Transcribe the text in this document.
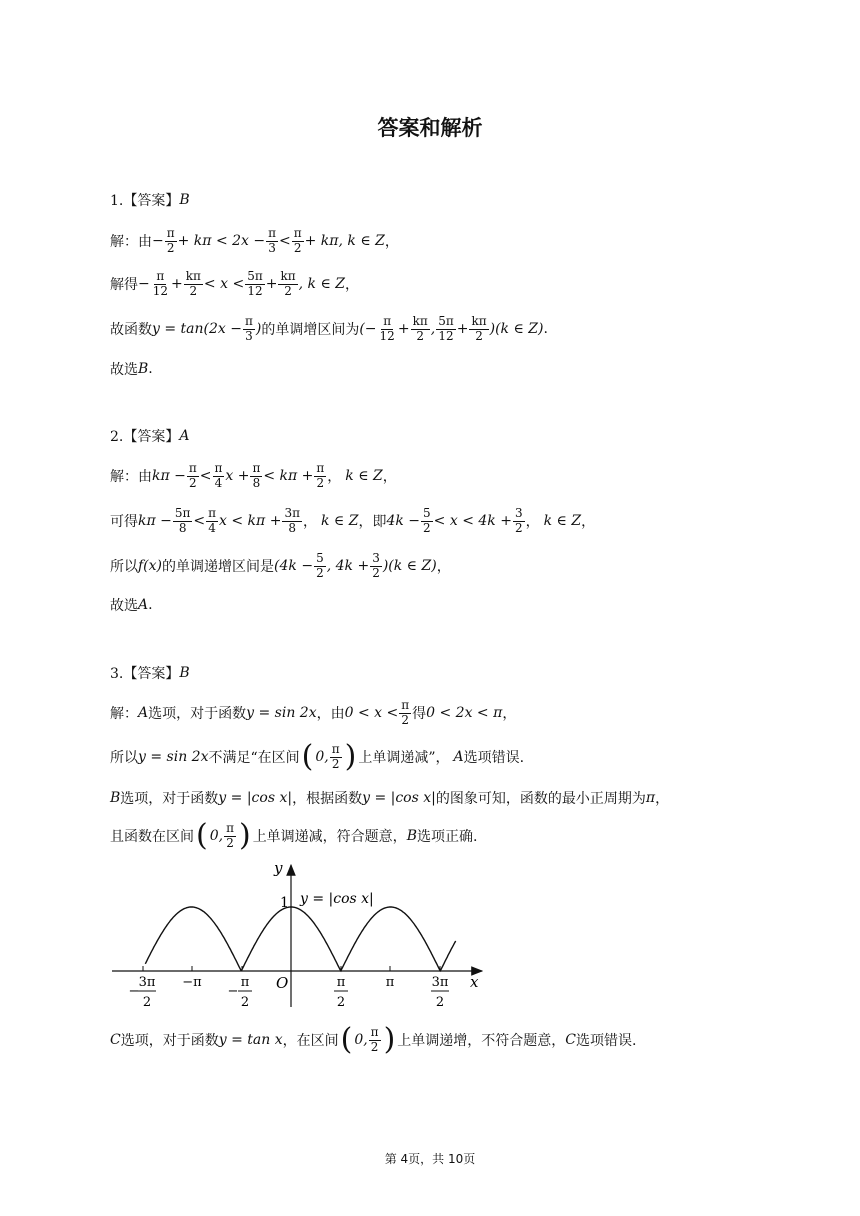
答案和解析
1.【答案】 B
解：由 − $\frac{\pi}{2} + k\pi < 2x - \frac{\pi}{3} < \frac{\pi}{2} + k\pi$, k ∈ Z ，
解得 − $\frac{\pi}{12} + \frac{k\pi}{2} < x < \frac{5\pi}{12} + \frac{k\pi}{2}$ , k ∈ Z ，
故函数 $y = \tan(2x - \frac{\pi}{3}$ ) 的单调增区间为 (− $\frac{\pi}{12} + \frac{k\pi}{2}$ , $\frac{5\pi}{12} + \frac{k\pi}{2} )(k$ ∈ Z) .
故选 B .
2.【答案】 A
解：由 $k\pi - \frac{\pi}{2} < \frac{\pi}{4}$ $x + \frac{\pi}{8} < k\pi + \frac{\pi}{2}$ ， k ∈ Z ，
可得 $k\pi - \frac{5\pi}{8} < \frac{\pi}{4}$ $x < k\pi + \frac{3\pi}{8}$ ， k ∈ Z ，即 $4k - \frac{5}{2} < x < 4k + \frac{3}{2}$ ， k ∈ Z ，
所以 f(x) 的单调递增区间是 ($4k - \frac{5}{2}$ , $4k + \frac{3}{2} )(k$ ∈ Z) ，
故选 A .
3.【答案】 B
解： A 选项，对于函数 y = sin 2x ，由 $0 < x < \frac{\pi}{2}$ 得 0 < 2x < π ，
所以 y = sin 2x 不满足“在区间 ( 0, $\frac{\pi}{2}$ ) 上单调递减”， A 选项错误.
B 选项，对于函数 y = |cos x| ，根据函数 y = |cos x| 的图象可知，函数的最小正周期为 π ，
且函数在区间 ( 0, $\frac{\pi}{2}$ ) 上单调递减，符合题意， B 选项正确.
y
x
O
1 y = |cos x|
−
3π
2
−π
−
π
2
π
2
π	3π
2
C 选项，对于函数 y = tan x ，在区间 ( 0, $\frac{\pi}{2}$ ) 上单调递增，不符合题意， C 选项错误.
第 4页，共 10页
